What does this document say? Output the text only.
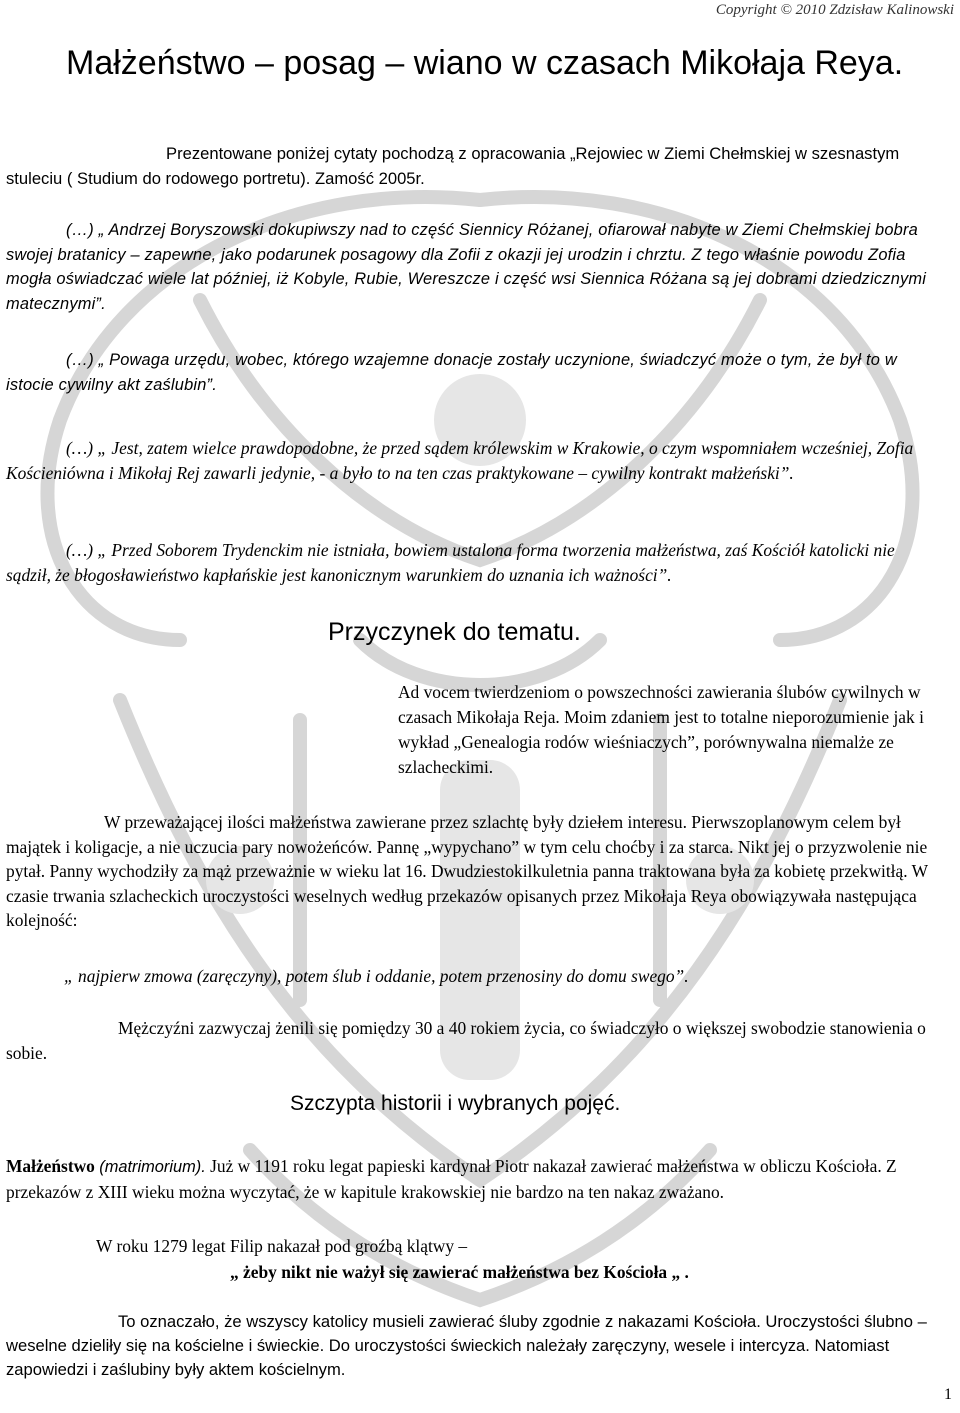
Copyright © 2010 Zdzisław Kalinowski

Małżeństwo – posag – wiano w czasach Mikołaja Reya.

Prezentowane poniżej cytaty pochodzą z opracowania „Rejowiec w Ziemi Chełmskiej w szesnastym stuleciu ( Studium do rodowego portretu). Zamość 2005r.

(…) „ Andrzej Boryszowski dokupiwszy nad to część Siennicy Różanej, ofiarował nabyte w Ziemi Chełmskiej bobra swojej bratanicy – zapewne, jako podarunek posagowy dla Zofii z okazji jej urodzin i chrztu. Z tego właśnie powodu Zofia mogła oświadczać wiele lat później, iż Kobyle, Rubie, Wereszcze i część wsi Siennica Różana są jej dobrami dziedzicznymi matecznymi”.

(…) „ Powaga urzędu, wobec, którego wzajemne donacje zostały uczynione, świadczyć może o tym, że był to w istocie cywilny akt zaślubin”.

(…) „ Jest, zatem wielce prawdopodobne, że przed sądem królewskim w Krakowie, o czym wspomniałem wcześniej, Zofia Kościeniówna i Mikołaj Rej zawarli jedynie, - a było to na ten czas praktykowane – cywilny kontrakt małżeński”.

(…) „ Przed Soborem Trydenckim nie istniała, bowiem ustalona forma tworzenia małżeństwa, zaś Kościół katolicki nie sądził, że błogosławieństwo kapłańskie jest kanonicznym warunkiem do uznania ich ważności”.

Przyczynek do tematu.

Ad vocem twierdzeniom o powszechności zawierania ślubów cywilnych w czasach Mikołaja Reja. Moim zdaniem jest to totalne nieporozumienie jak i wykład „Genealogia rodów wieśniaczych”, porównywalna niemalże ze szlacheckimi.

W przeważającej ilości małżeństwa zawierane przez szlachtę były dziełem interesu. Pierwszoplanowym celem był majątek i koligacje, a nie uczucia pary nowożeńców. Pannę „wypychano” w tym celu choćby i za starca. Nikt jej o przyzwolenie nie pytał. Panny wychodziły za mąż przeważnie w wieku lat 16. Dwudziestokilkuletnia panna traktowana była za kobietę przekwitłą. W czasie trwania szlacheckich uroczystości weselnych według przekazów opisanych przez Mikołaja Reya obowiązywała następująca kolejność:

„ najpierw zmowa (zaręczyny), potem ślub i oddanie, potem przenosiny do domu swego”.

Mężczyźni zazwyczaj żenili się pomiędzy 30 a 40 rokiem życia, co świadczyło o większej swobodzie stanowienia o sobie.

Szczypta historii i wybranych pojęć.

Małżeństwo (matrimorium). Już w 1191 roku legat papieski kardynał Piotr nakazał zawierać małżeństwa w obliczu Kościoła. Z przekazów z XIII wieku można wyczytać, że w kapitule krakowskiej nie bardzo na ten nakaz zważano.

W roku 1279 legat Filip nakazał pod groźbą klątwy –

„ żeby nikt nie ważył się zawierać małżeństwa bez Kościoła „ .

To oznaczało, że wszyscy katolicy musieli zawierać śluby zgodnie z nakazami Kościoła. Uroczystości ślubno – weselne dzieliły się na kościelne i świeckie. Do uroczystości świeckich należały zaręczyny, wesele i intercyza. Natomiast zapowiedzi i zaślubiny były aktem kościelnym.

1
